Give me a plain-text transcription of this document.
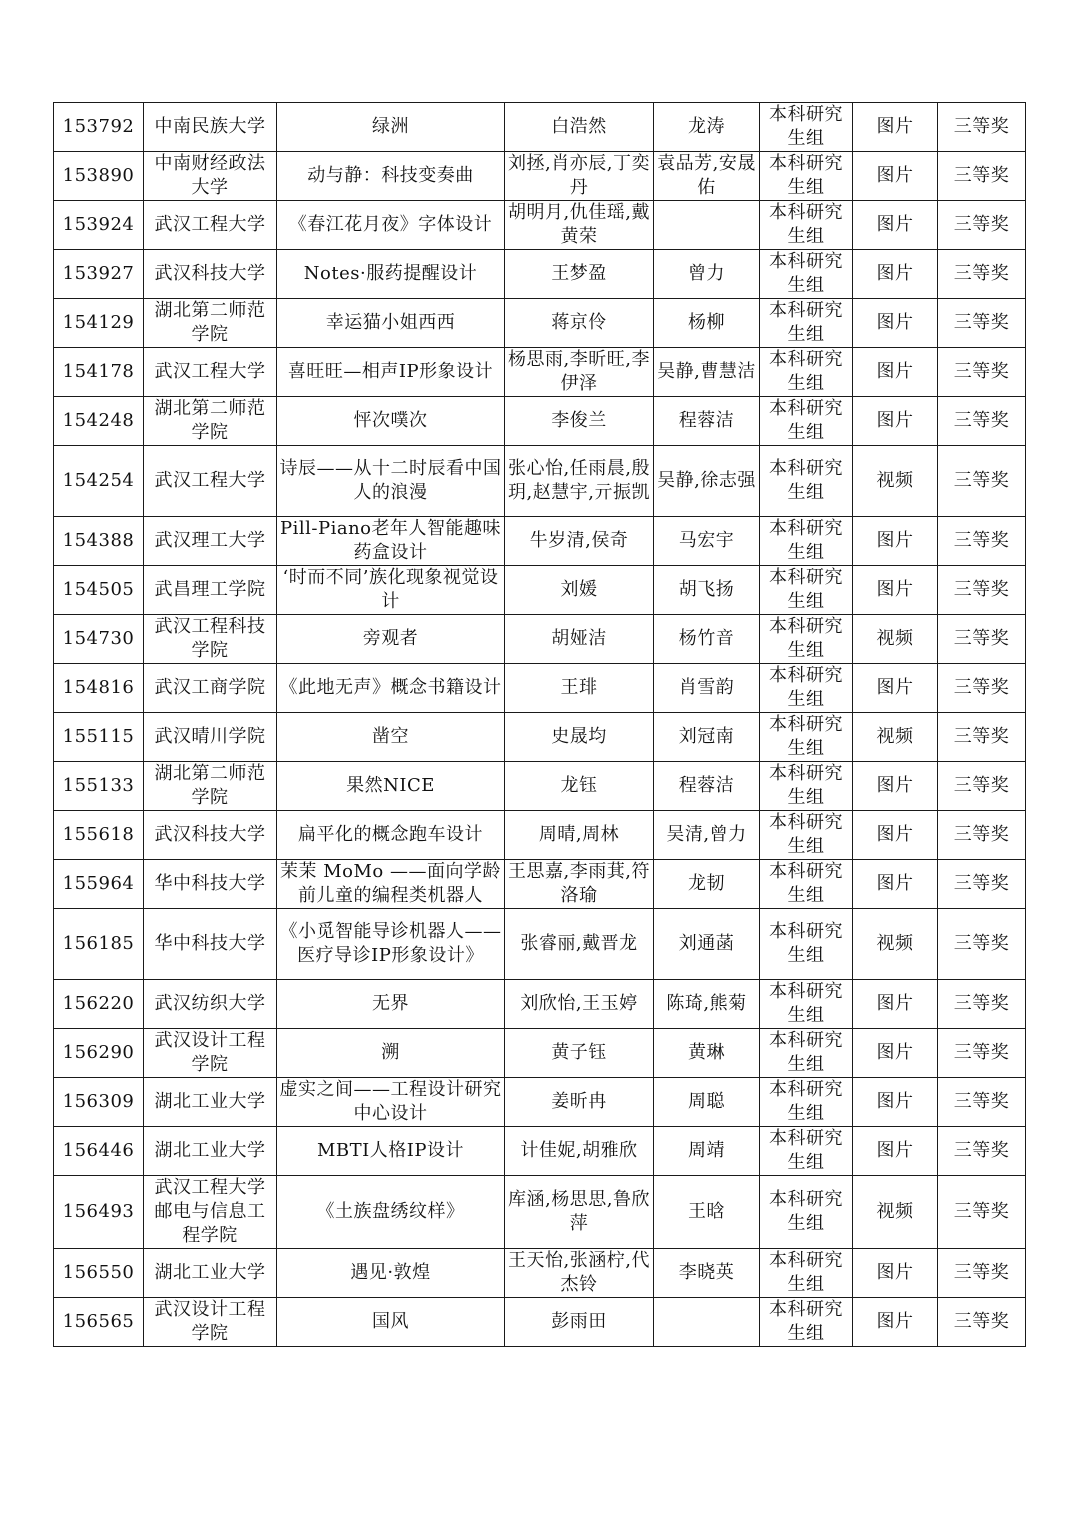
153792	中南民族大学	绿洲	白浩然	龙涛	本科研究生组	图片	三等奖
153890	中南财经政法大学	动与静：科技变奏曲	刘拯,肖亦辰,丁奕丹	袁品芳,安晟佑	本科研究生组	图片	三等奖
153924	武汉工程大学	《春江花月夜》字体设计	胡明月,仇佳瑶,戴黄荣		本科研究生组	图片	三等奖
153927	武汉科技大学	Notes·服药提醒设计	王梦盈	曾力	本科研究生组	图片	三等奖
154129	湖北第二师范学院	幸运猫小姐西西	蒋京伶	杨柳	本科研究生组	图片	三等奖
154178	武汉工程大学	喜旺旺—相声IP形象设计	杨思雨,李昕旺,李伊泽	吴静,曹慧洁	本科研究生组	图片	三等奖
154248	湖北第二师范学院	怦次噗次	李俊兰	程蓉洁	本科研究生组	图片	三等奖
154254	武汉工程大学	诗辰——从十二时辰看中国人的浪漫	张心怡,任雨晨,殷玥,赵慧宇,亓振凯	吴静,徐志强	本科研究生组	视频	三等奖
154388	武汉理工大学	Pill-Piano老年人智能趣味药盒设计	牛岁清,侯奇	马宏宇	本科研究生组	图片	三等奖
154505	武昌理工学院	‘时而不同’族化现象视觉设计	刘媛	胡飞扬	本科研究生组	图片	三等奖
154730	武汉工程科技学院	旁观者	胡娅洁	杨竹音	本科研究生组	视频	三等奖
154816	武汉工商学院	《此地无声》概念书籍设计	王琲	肖雪韵	本科研究生组	图片	三等奖
155115	武汉晴川学院	凿空	史晟均	刘冠南	本科研究生组	视频	三等奖
155133	湖北第二师范学院	果然NICE	龙钰	程蓉洁	本科研究生组	图片	三等奖
155618	武汉科技大学	扁平化的概念跑车设计	周晴,周林	吴清,曾力	本科研究生组	图片	三等奖
155964	华中科技大学	茉茉 MoMo ——面向学龄前儿童的编程类机器人	王思嘉,李雨萁,符洛瑜	龙韧	本科研究生组	图片	三等奖
156185	华中科技大学	《小觅智能导诊机器人——医疗导诊IP形象设计》	张睿丽,戴晋龙	刘通菡	本科研究生组	视频	三等奖
156220	武汉纺织大学	无界	刘欣怡,王玉婷	陈琦,熊菊	本科研究生组	图片	三等奖
156290	武汉设计工程学院	溯	黄子钰	黄琳	本科研究生组	图片	三等奖
156309	湖北工业大学	虚实之间——工程设计研究中心设计	姜昕冉	周聪	本科研究生组	图片	三等奖
156446	湖北工业大学	MBTI人格IP设计	计佳妮,胡雅欣	周靖	本科研究生组	图片	三等奖
156493	武汉工程大学邮电与信息工程学院	《土族盘绣纹样》	库涵,杨思思,鲁欣萍	王晗	本科研究生组	视频	三等奖
156550	湖北工业大学	遇见·敦煌	王天怡,张涵柠,代杰铃	李晓英	本科研究生组	图片	三等奖
156565	武汉设计工程学院	国风	彭雨田		本科研究生组	图片	三等奖
